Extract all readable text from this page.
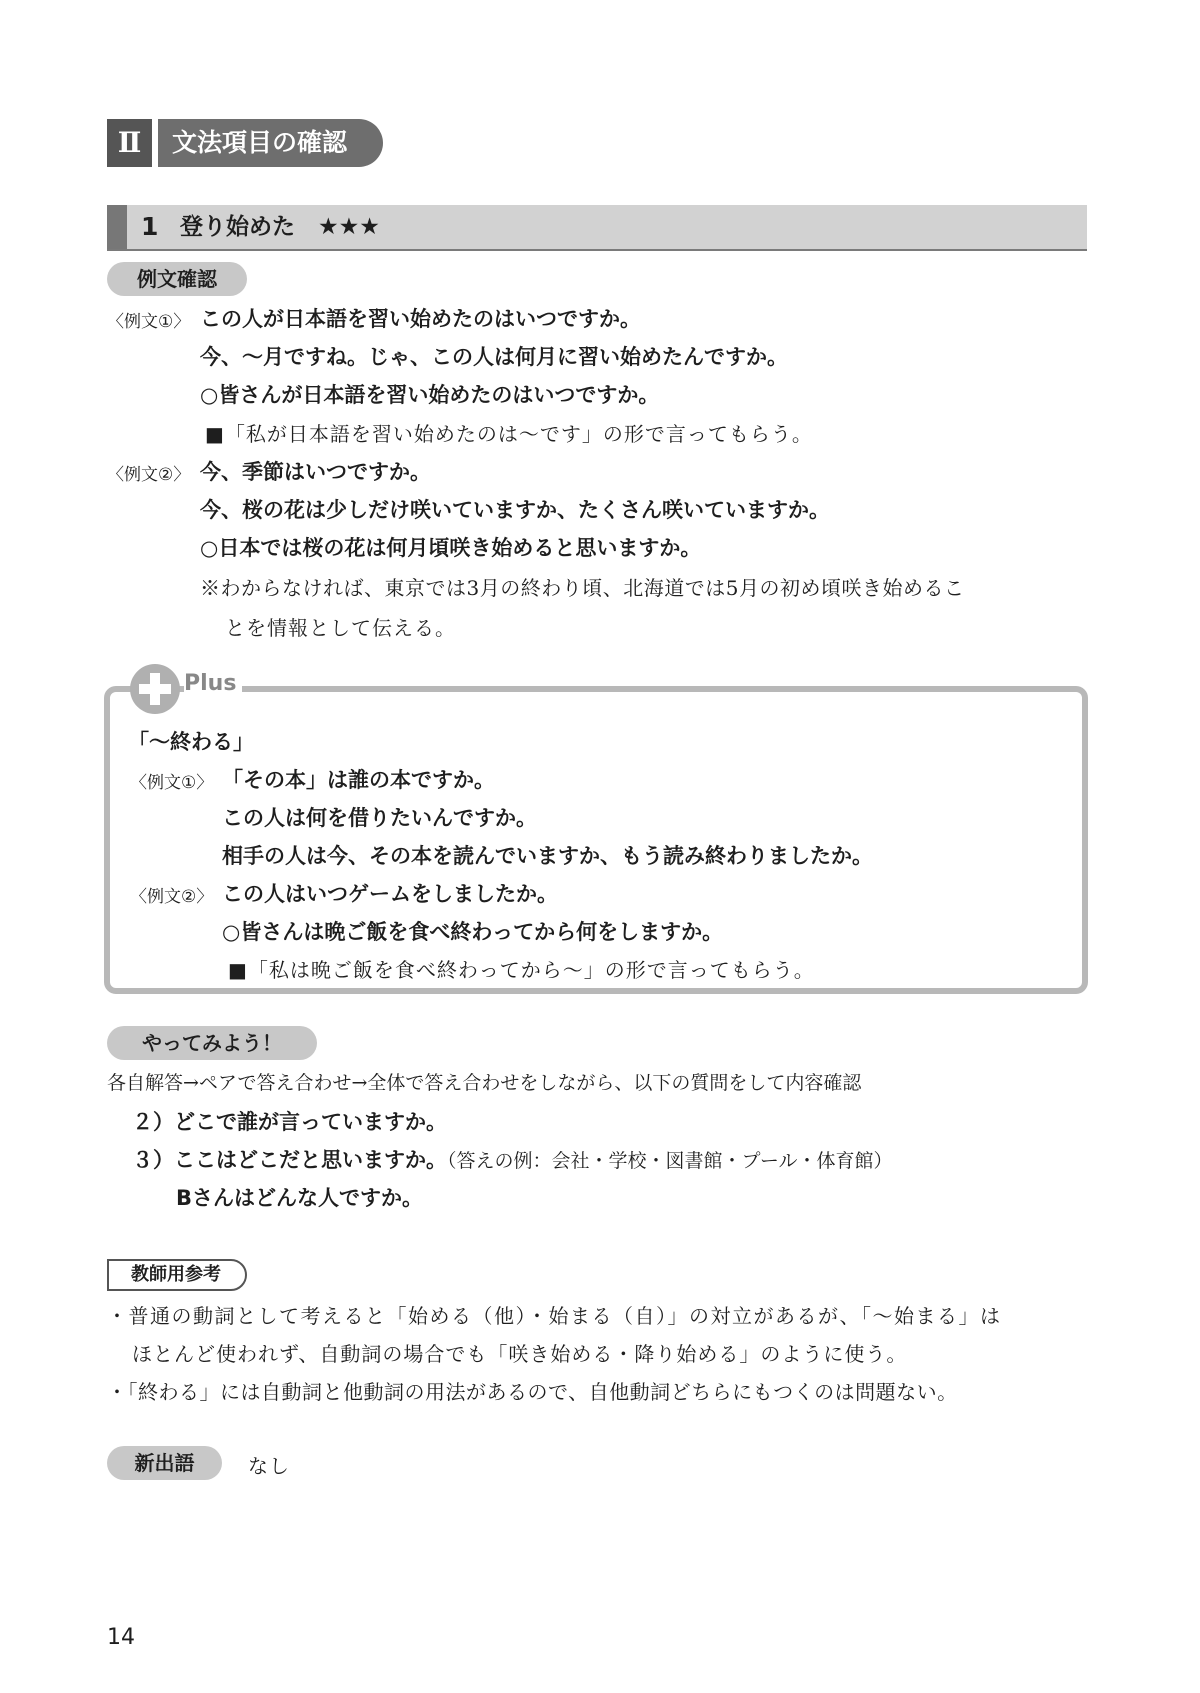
Ⅱ	文法項目の確認
1 登り始めた　★★★
例文確認
〈例文①〉 この人が日本語を習い始めたのはいつですか。
今、～月ですね。じゃ、この人は何月に習い始めたんですか。
○皆さんが日本語を習い始めたのはいつですか。
■「私が日本語を習い始めたのは～です」の形で言ってもらう。
〈例文②〉 今、季節はいつですか。
今、桜の花は少しだけ咲いていますか、たくさん咲いていますか。
○日本では桜の花は何月頃咲き始めると思いますか。
※わからなければ、東京では3月の終わり頃、北海道では5月の初め頃咲き始めるこ
とを情報として伝える。
Plus
「～終わる」
〈例文①〉 「その本」は誰の本ですか。
この人は何を借りたいんですか。
相手の人は今、その本を読んでいますか、もう読み終わりましたか。
〈例文②〉 この人はいつゲームをしましたか。
○皆さんは晩ご飯を食べ終わってから何をしますか。
■「私は晩ご飯を食べ終わってから～」の形で言ってもらう。
やってみよう！
各自解答→ペアで答え合わせ→全体で答え合わせをしながら、以下の質問をして内容確認
２）どこで誰が言っていますか。
３）ここはどこだと思いますか。（答えの例：会社・学校・図書館・プール・体育館）
Bさんはどんな人ですか。
教師用参考
・普通の動詞として考えると「始める（他）・始まる（自）」の対立があるが、「～始まる」は
ほとんど使われず、自動詞の場合でも「咲き始める・降り始める」のように使う。
・「終わる」には自動詞と他動詞の用法があるので、自他動詞どちらにもつくのは問題ない。
新出語	なし
14
